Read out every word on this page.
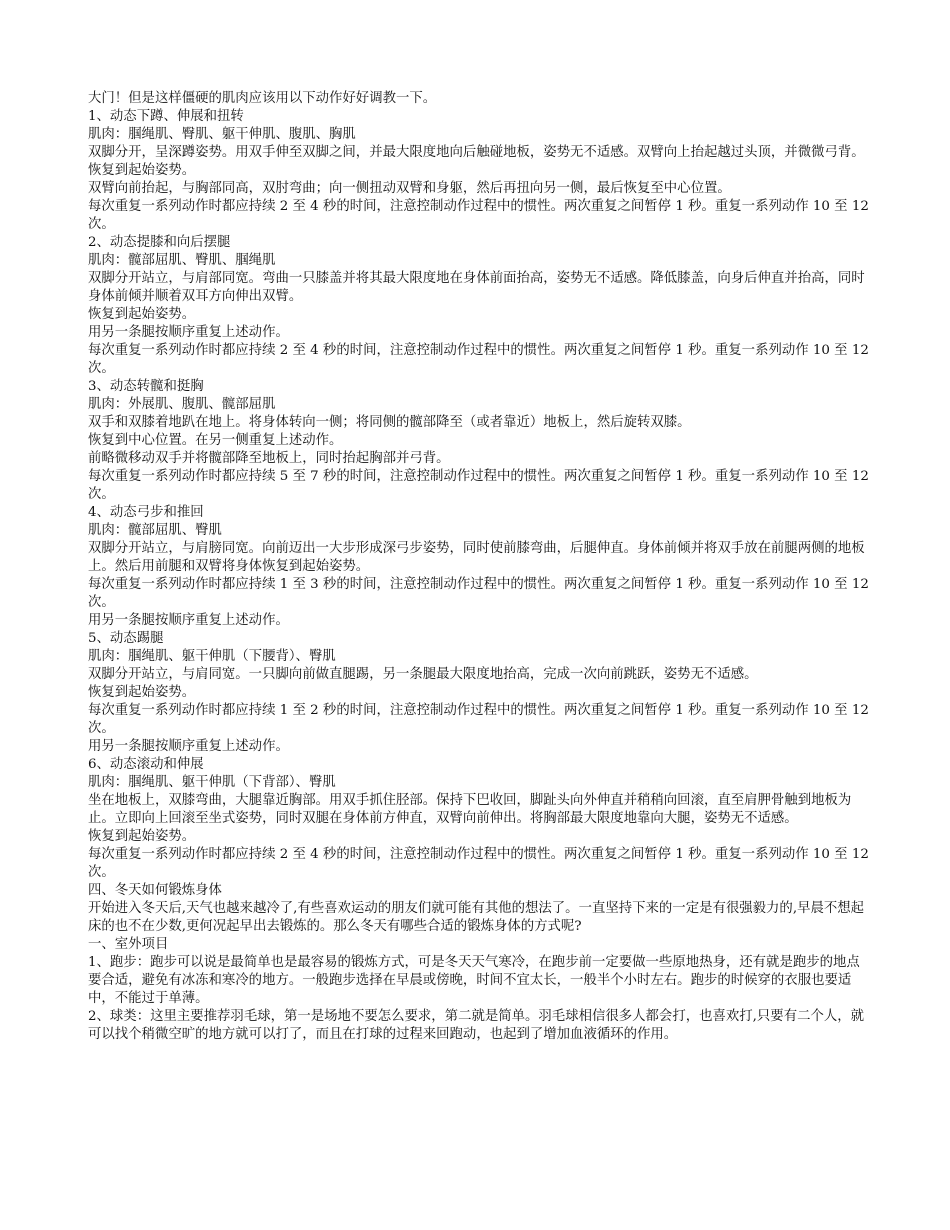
大门！但是这样僵硬的肌肉应该用以下动作好好调教一下。

1、动态下蹲、伸展和扭转

肌肉：腘绳肌、臀肌、躯干伸肌、腹肌、胸肌

双脚分开，呈深蹲姿势。用双手伸至双脚之间，并最大限度地向后触碰地板，姿势无不适感。双臂向上抬起越过头顶，并微微弓背。

恢复到起始姿势。

双臂向前抬起，与胸部同高，双肘弯曲；向一侧扭动双臂和身躯，然后再扭向另一侧，最后恢复至中心位置。

每次重复一系列动作时都应持续 2 至 4 秒的时间，注意控制动作过程中的惯性。两次重复之间暂停 1 秒。重复一系列动作 10 至 12 次。

2、动态提膝和向后摆腿

肌肉：髋部屈肌、臀肌、腘绳肌

双脚分开站立，与肩部同宽。弯曲一只膝盖并将其最大限度地在身体前面抬高，姿势无不适感。降低膝盖，向身后伸直并抬高，同时身体前倾并顺着双耳方向伸出双臂。

恢复到起始姿势。

用另一条腿按顺序重复上述动作。

每次重复一系列动作时都应持续 2 至 4 秒的时间，注意控制动作过程中的惯性。两次重复之间暂停 1 秒。重复一系列动作 10 至 12 次。

3、动态转髋和挺胸

肌肉：外展肌、腹肌、髋部屈肌

双手和双膝着地趴在地上。将身体转向一侧；将同侧的髋部降至（或者靠近）地板上，然后旋转双膝。

恢复到中心位置。在另一侧重复上述动作。

前略微移动双手并将髋部降至地板上，同时抬起胸部并弓背。

每次重复一系列动作时都应持续 5 至 7 秒的时间，注意控制动作过程中的惯性。两次重复之间暂停 1 秒。重复一系列动作 10 至 12 次。

4、动态弓步和推回

肌肉：髋部屈肌、臀肌

双脚分开站立，与肩膀同宽。向前迈出一大步形成深弓步姿势，同时使前膝弯曲，后腿伸直。身体前倾并将双手放在前腿两侧的地板上。然后用前腿和双臂将身体恢复到起始姿势。

每次重复一系列动作时都应持续 1 至 3 秒的时间，注意控制动作过程中的惯性。两次重复之间暂停 1 秒。重复一系列动作 10 至 12 次。

用另一条腿按顺序重复上述动作。

5、动态踢腿

肌肉：腘绳肌、躯干伸肌（下腰背）、臀肌

双脚分开站立，与肩同宽。一只脚向前做直腿踢，另一条腿最大限度地抬高，完成一次向前跳跃，姿势无不适感。

恢复到起始姿势。

每次重复一系列动作时都应持续 1 至 2 秒的时间，注意控制动作过程中的惯性。两次重复之间暂停 1 秒。重复一系列动作 10 至 12 次。

用另一条腿按顺序重复上述动作。

6、动态滚动和伸展

肌肉：腘绳肌、躯干伸肌（下背部）、臀肌

坐在地板上，双膝弯曲，大腿靠近胸部。用双手抓住胫部。保持下巴收回，脚趾头向外伸直并稍稍向回滚，直至肩胛骨触到地板为止。立即向上回滚至坐式姿势，同时双腿在身体前方伸直，双臂向前伸出。将胸部最大限度地靠向大腿，姿势无不适感。

恢复到起始姿势。

每次重复一系列动作时都应持续 2 至 4 秒的时间，注意控制动作过程中的惯性。两次重复之间暂停 1 秒。重复一系列动作 10 至 12 次。

四、冬天如何锻炼身体

开始进入冬天后,天气也越来越冷了,有些喜欢运动的朋友们就可能有其他的想法了。一直坚持下来的一定是有很强毅力的,早晨不想起床的也不在少数,更何况起早出去锻炼的。那么冬天有哪些合适的锻炼身体的方式呢?

一、室外项目

1、跑步：跑步可以说是最简单也是最容易的锻炼方式，可是冬天天气寒冷，在跑步前一定要做一些原地热身，还有就是跑步的地点要合适，避免有冰冻和寒冷的地方。一般跑步选择在早晨或傍晚，时间不宜太长，一般半个小时左右。跑步的时候穿的衣服也要适中，不能过于单薄。

2、球类：这里主要推荐羽毛球，第一是场地不要怎么要求，第二就是简单。羽毛球相信很多人都会打，也喜欢打,只要有二个人，就可以找个稍微空旷的地方就可以打了，而且在打球的过程来回跑动，也起到了增加血液循环的作用。
